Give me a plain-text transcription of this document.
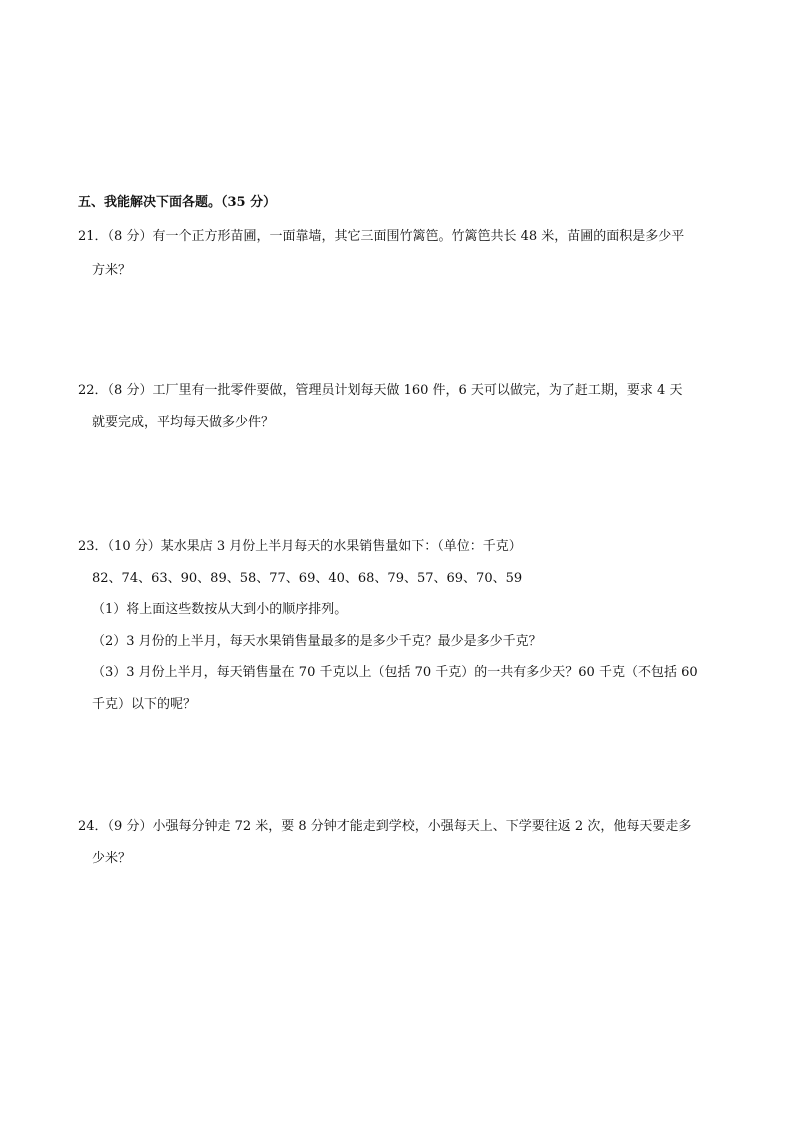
五、我能解决下面各题。（35 分）
21．（8 分）有一个正方形苗圃，一面靠墙，其它三面围竹篱笆。竹篱笆共长 48 米，苗圃的面积是多少平
方米？
22．（8 分）工厂里有一批零件要做，管理员计划每天做 160 件，6 天可以做完，为了赶工期，要求 4 天
就要完成，平均每天做多少件？
23．（10 分）某水果店 3 月份上半月每天的水果销售量如下：（单位：千克）
82、74、63、90、89、58、77、69、40、68、79、57、69、70、59
（1）将上面这些数按从大到小的顺序排列。
（2）3 月份的上半月，每天水果销售量最多的是多少千克？最少是多少千克？
（3）3 月份上半月，每天销售量在 70 千克以上（包括 70 千克）的一共有多少天？60 千克（不包括 60
千克）以下的呢？
24．（9 分）小强每分钟走 72 米，要 8 分钟才能走到学校，小强每天上、下学要往返 2 次，他每天要走多
少米？
